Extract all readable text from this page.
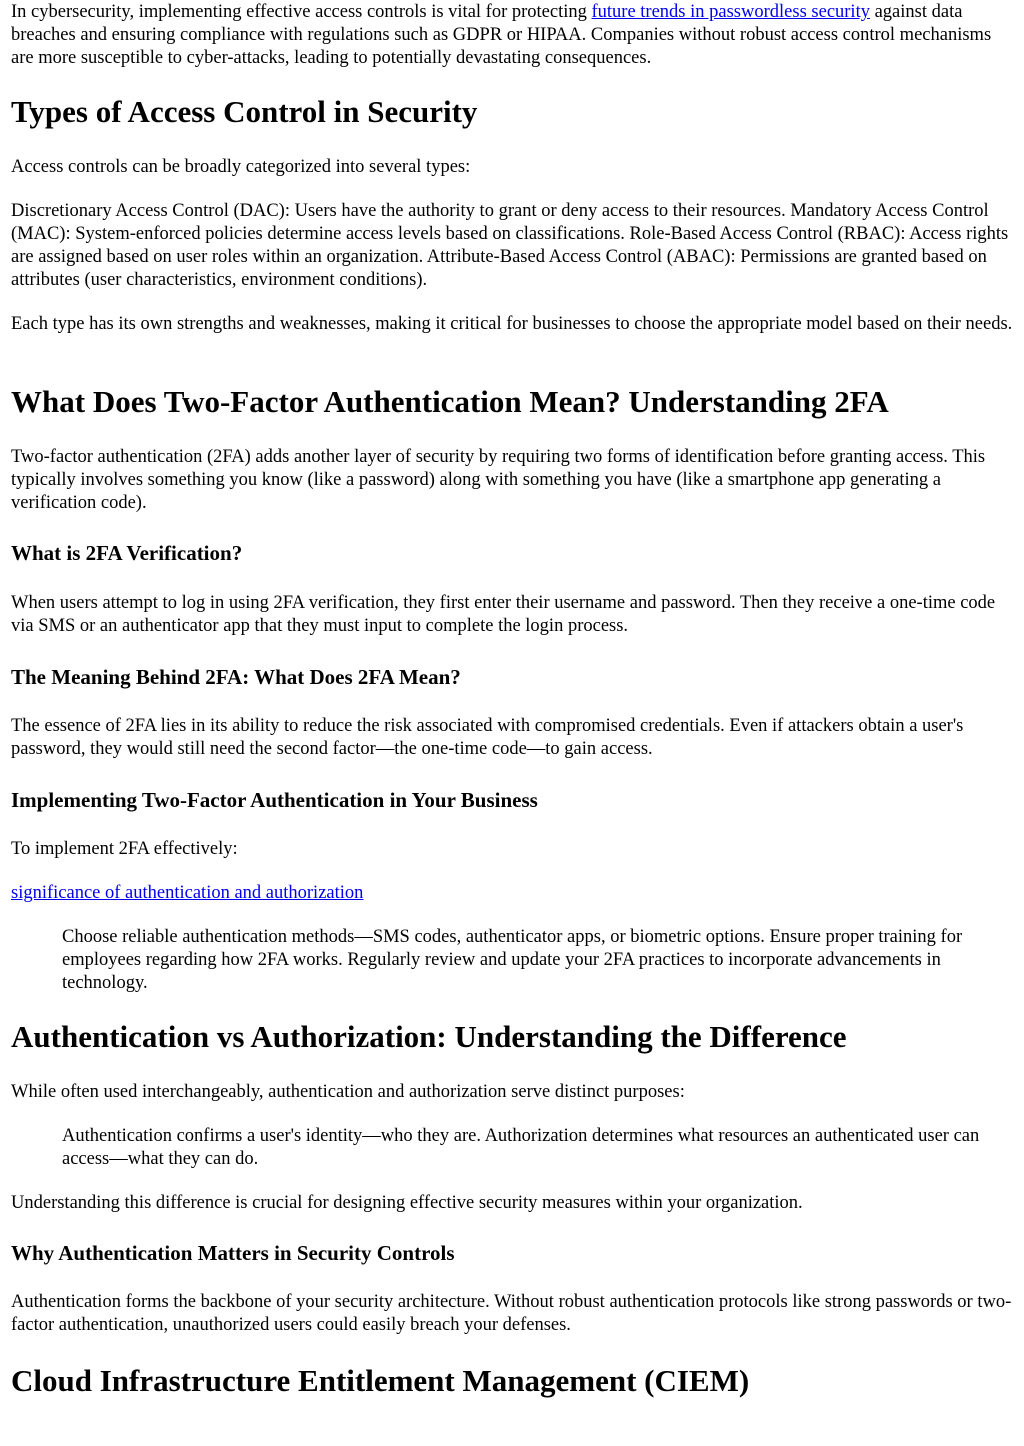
In cybersecurity, implementing effective access controls is vital for protecting future trends in passwordless security against data breaches and ensuring compliance with regulations such as GDPR or HIPAA. Companies without robust access control mechanisms are more susceptible to cyber-attacks, leading to potentially devastating consequences.

Types of Access Control in Security

Access controls can be broadly categorized into several types:

Discretionary Access Control (DAC): Users have the authority to grant or deny access to their resources. Mandatory Access Control (MAC): System-enforced policies determine access levels based on classifications. Role-Based Access Control (RBAC): Access rights are assigned based on user roles within an organization. Attribute-Based Access Control (ABAC): Permissions are granted based on attributes (user characteristics, environment conditions).

Each type has its own strengths and weaknesses, making it critical for businesses to choose the appropriate model based on their needs.

What Does Two-Factor Authentication Mean? Understanding 2FA

Two-factor authentication (2FA) adds another layer of security by requiring two forms of identification before granting access. This typically involves something you know (like a password) along with something you have (like a smartphone app generating a verification code).

What is 2FA Verification?

When users attempt to log in using 2FA verification, they first enter their username and password. Then they receive a one-time code via SMS or an authenticator app that they must input to complete the login process.

The Meaning Behind 2FA: What Does 2FA Mean?

The essence of 2FA lies in its ability to reduce the risk associated with compromised credentials. Even if attackers obtain a user's password, they would still need the second factor—the one-time code—to gain access.

Implementing Two-Factor Authentication in Your Business

To implement 2FA effectively:

significance of authentication and authorization

Choose reliable authentication methods—SMS codes, authenticator apps, or biometric options. Ensure proper training for employees regarding how 2FA works. Regularly review and update your 2FA practices to incorporate advancements in technology.

Authentication vs Authorization: Understanding the Difference

While often used interchangeably, authentication and authorization serve distinct purposes:

Authentication confirms a user's identity—who they are. Authorization determines what resources an authenticated user can access—what they can do.

Understanding this difference is crucial for designing effective security measures within your organization.

Why Authentication Matters in Security Controls

Authentication forms the backbone of your security architecture. Without robust authentication protocols like strong passwords or two-factor authentication, unauthorized users could easily breach your defenses.

Cloud Infrastructure Entitlement Management (CIEM)
